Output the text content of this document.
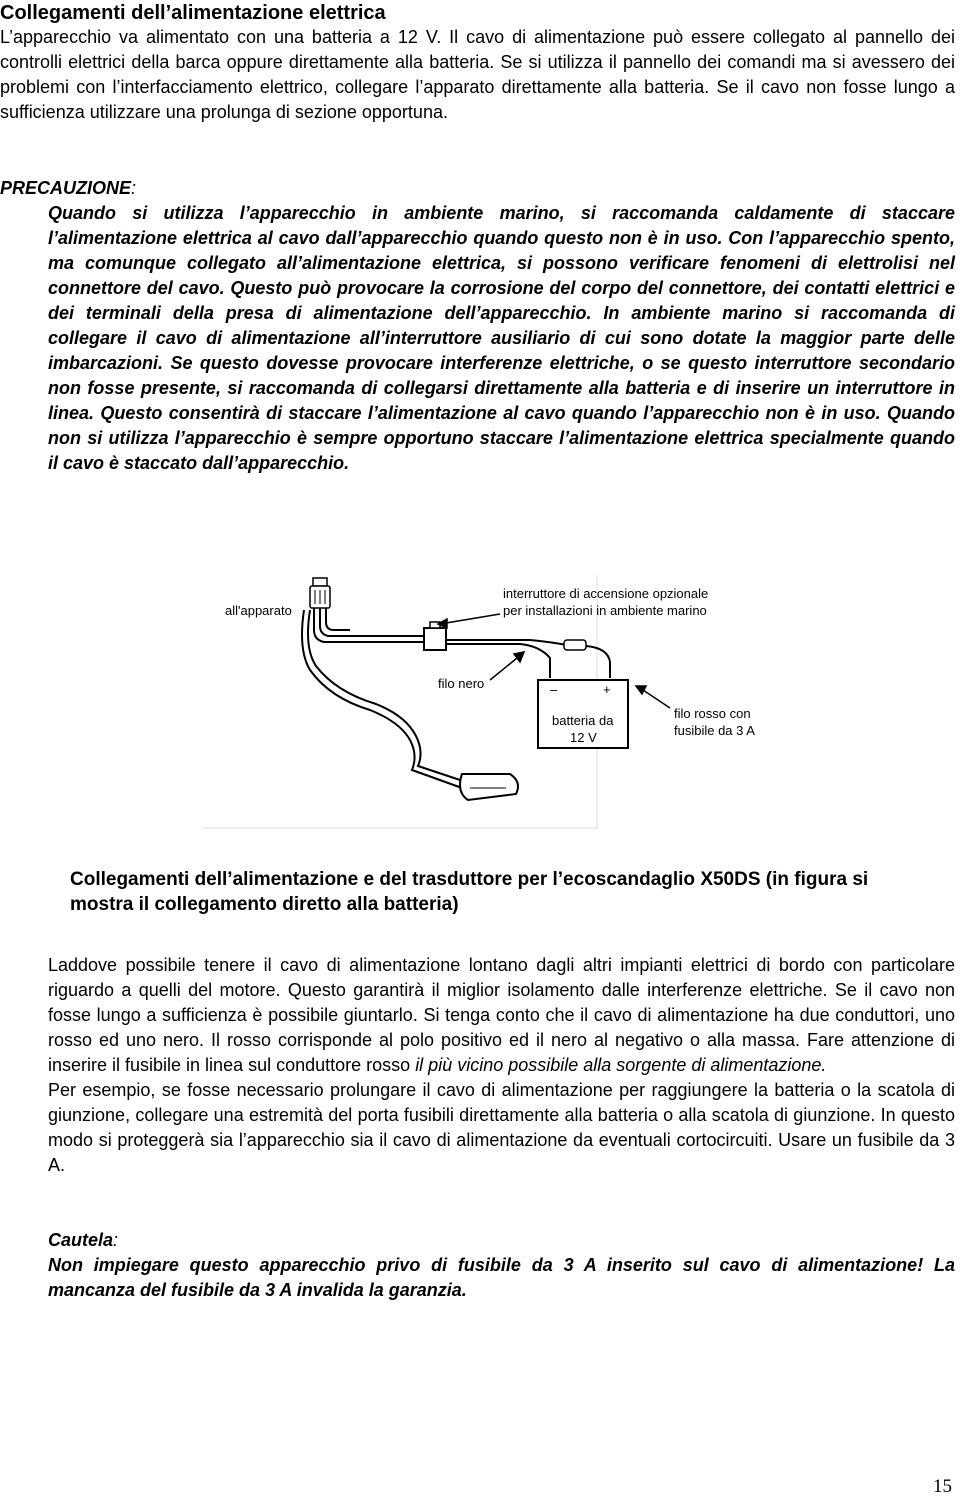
Collegamenti dell’alimentazione elettrica
L’apparecchio va alimentato con una batteria a 12 V. Il cavo di alimentazione può essere collegato al pannello dei controlli elettrici della barca oppure direttamente alla batteria. Se si utilizza il pannello dei comandi ma si avessero dei problemi con l’interfacciamento elettrico, collegare l’apparato direttamente alla batteria. Se il cavo non fosse lungo a sufficienza utilizzare una prolunga di sezione opportuna.
PRECAUZIONE:
Quando si utilizza l’apparecchio in ambiente marino, si raccomanda caldamente di staccare l’alimentazione elettrica al cavo dall’apparecchio quando questo non è in uso. Con l’apparecchio spento, ma comunque collegato all’alimentazione elettrica, si possono verificare fenomeni di elettrolisi nel connettore del cavo. Questo può provocare la corrosione del corpo del connettore, dei contatti elettrici e dei terminali della presa di alimentazione dell’apparecchio. In ambiente marino si raccomanda di collegare il cavo di alimentazione all’interruttore ausiliario di cui sono dotate la maggior parte delle imbarcazioni. Se questo dovesse provocare interferenze elettriche, o se questo interruttore secondario non fosse presente, si raccomanda di collegarsi direttamente alla batteria e di inserire un interruttore in linea. Questo consentirà di staccare l’alimentazione al cavo quando l’apparecchio non è in uso. Quando non si utilizza l’apparecchio è sempre opportuno staccare l’alimentazione elettrica specialmente quando il cavo è staccato dall’apparecchio.
–	+
batteria da
12 V
all'apparato
interruttore di accensione opzionale
per installazioni in ambiente marino
filo nero
filo rosso con
fusibile da 3 A
Collegamenti dell’alimentazione e del trasduttore per l’ecoscandaglio X50DS (in figura si mostra il collegamento diretto alla batteria)

Laddove possibile tenere il cavo di alimentazione lontano dagli altri impianti elettrici di bordo con particolare riguardo a quelli del motore. Questo garantirà il miglior isolamento dalle interferenze elettriche. Se il cavo non fosse lungo a sufficienza è possibile giuntarlo. Si tenga conto che il cavo di alimentazione ha due conduttori, uno rosso ed uno nero. Il rosso corrisponde al polo positivo ed il nero al negativo o alla massa. Fare attenzione di inserire il fusibile in linea sul conduttore rosso il più vicino possibile alla sorgente di alimentazione.

Per esempio, se fosse necessario prolungare il cavo di alimentazione per raggiungere la batteria o la scatola di giunzione, collegare una estremità del porta fusibili direttamente alla batteria o alla scatola di giunzione. In questo modo si proteggerà sia l’apparecchio sia il cavo di alimentazione da eventuali cortocircuiti. Usare un fusibile da 3 A.

Cautela:
Non impiegare questo apparecchio privo di fusibile da 3 A inserito sul cavo di alimentazione! La mancanza del fusibile da 3 A invalida la garanzia.
15
